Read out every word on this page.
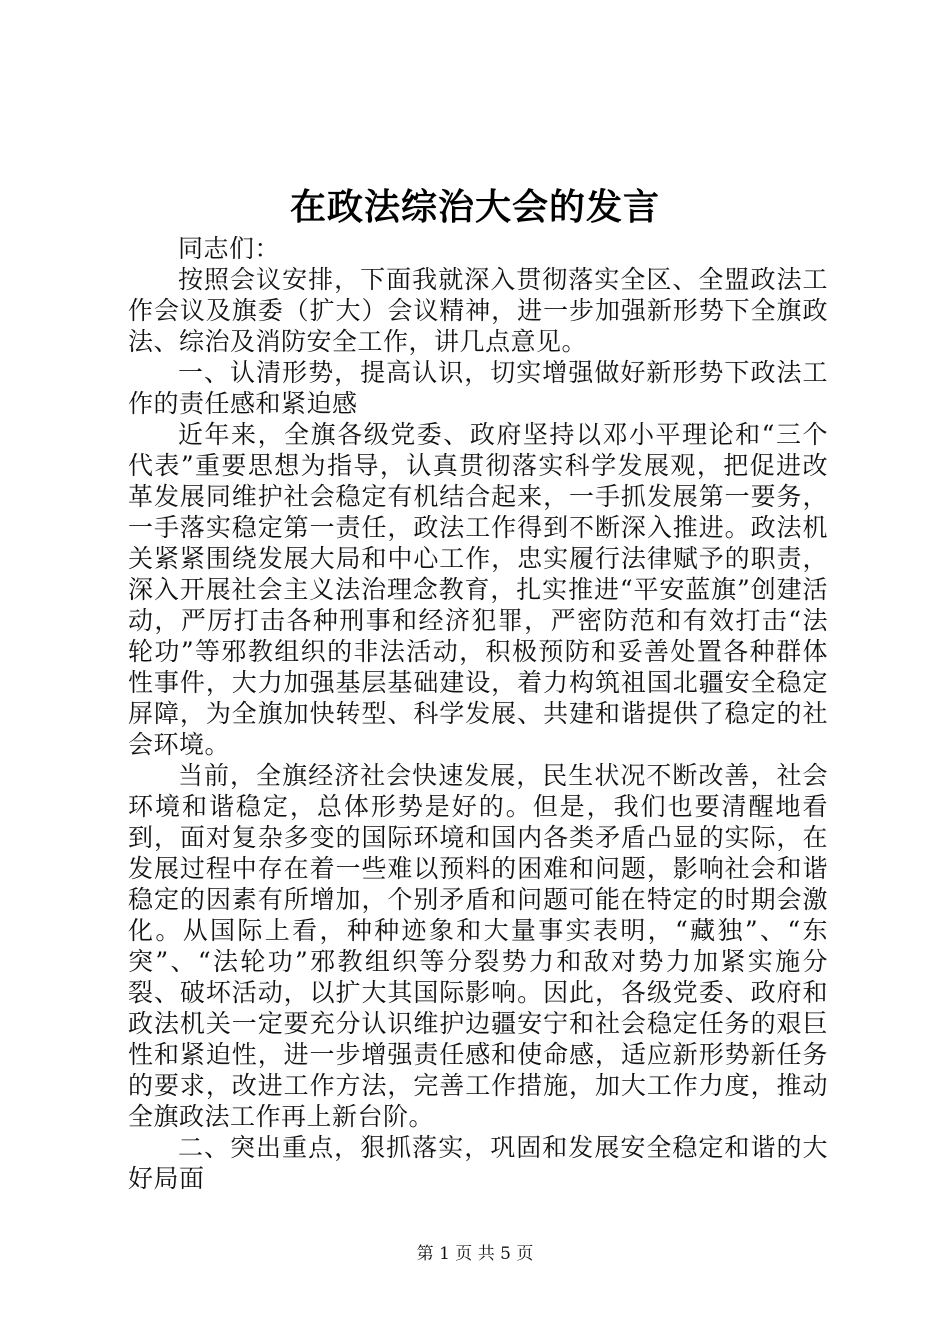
在政法综治大会的发言

同志们：

按照会议安排，下面我就深入贯彻落实全区、全盟政法工作会议及旗委（扩大）会议精神，进一步加强新形势下全旗政法、综治及消防安全工作，讲几点意见。

一、认清形势，提高认识，切实增强做好新形势下政法工作的责任感和紧迫感

近年来，全旗各级党委、政府坚持以邓小平理论和“三个代表”重要思想为指导，认真贯彻落实科学发展观，把促进改革发展同维护社会稳定有机结合起来，一手抓发展第一要务，一手落实稳定第一责任，政法工作得到不断深入推进。政法机关紧紧围绕发展大局和中心工作，忠实履行法律赋予的职责，深入开展社会主义法治理念教育，扎实推进“平安蓝旗”创建活动，严厉打击各种刑事和经济犯罪，严密防范和有效打击“法轮功”等邪教组织的非法活动，积极预防和妥善处置各种群体性事件，大力加强基层基础建设，着力构筑祖国北疆安全稳定屏障，为全旗加快转型、科学发展、共建和谐提供了稳定的社会环境。

当前，全旗经济社会快速发展，民生状况不断改善，社会环境和谐稳定，总体形势是好的。但是，我们也要清醒地看到，面对复杂多变的国际环境和国内各类矛盾凸显的实际，在发展过程中存在着一些难以预料的困难和问题，影响社会和谐稳定的因素有所增加，个别矛盾和问题可能在特定的时期会激化。从国际上看，种种迹象和大量事实表明，“藏独”、“东突”、“法轮功”邪教组织等分裂势力和敌对势力加紧实施分裂、破坏活动，以扩大其国际影响。因此，各级党委、政府和政法机关一定要充分认识维护边疆安宁和社会稳定任务的艰巨性和紧迫性，进一步增强责任感和使命感，适应新形势新任务的要求，改进工作方法，完善工作措施，加大工作力度，推动全旗政法工作再上新台阶。

二、突出重点，狠抓落实，巩固和发展安全稳定和谐的大好局面

第 1 页 共 5 页
